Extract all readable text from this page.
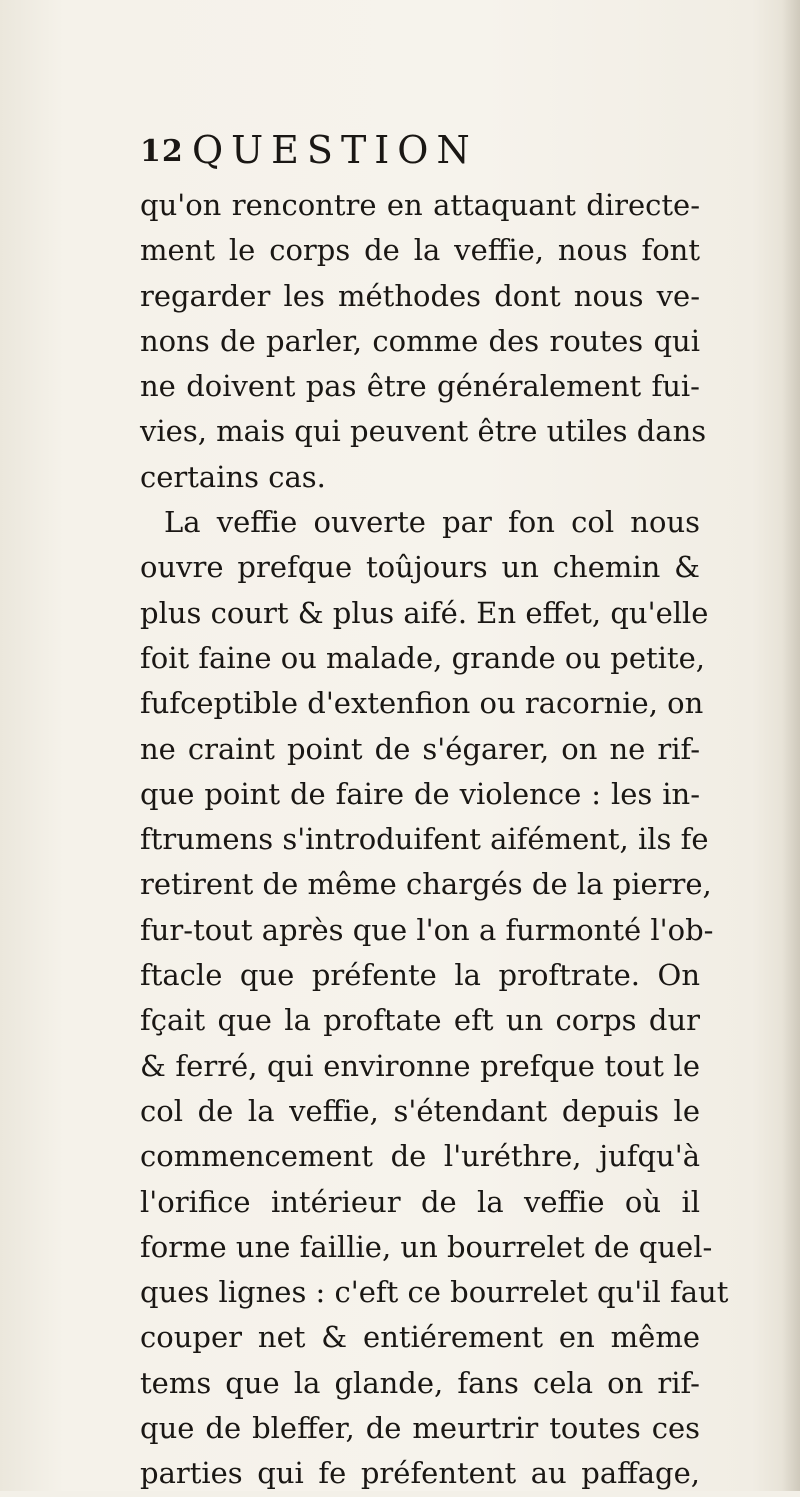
12 QUESTION
qu'on rencontre en attaquant directe-
ment le corps de la veffie, nous font
regarder les méthodes dont nous ve-
nons de parler, comme des routes qui
ne doivent pas être généralement fui-
vies, mais qui peuvent être utiles dans
certains cas.
La veffie ouverte par fon col nous
ouvre prefque toûjours un chemin &
plus court & plus aifé. En effet, qu'elle
foit faine ou malade, grande ou petite,
fufceptible d'extenfion ou racornie, on
ne craint point de s'égarer, on ne rif-
que point de faire de violence : les in-
ftrumens s'introduifent aifément, ils fe
retirent de même chargés de la pierre,
fur-tout après que l'on a furmonté l'ob-
ftacle que préfente la proftrate. On
fçait que la proftate eft un corps dur
& ferré, qui environne prefque tout le
col de la veffie, s'étendant depuis le
commencement de l'uréthre, jufqu'à
l'orifice intérieur de la veffie où il
forme une faillie, un bourrelet de quel-
ques lignes : c'eft ce bourrelet qu'il faut
couper net & entiérement en même
tems que la glande, fans cela on rif-
que de bleffer, de meurtrir toutes ces
parties qui fe préfentent au paffage,
